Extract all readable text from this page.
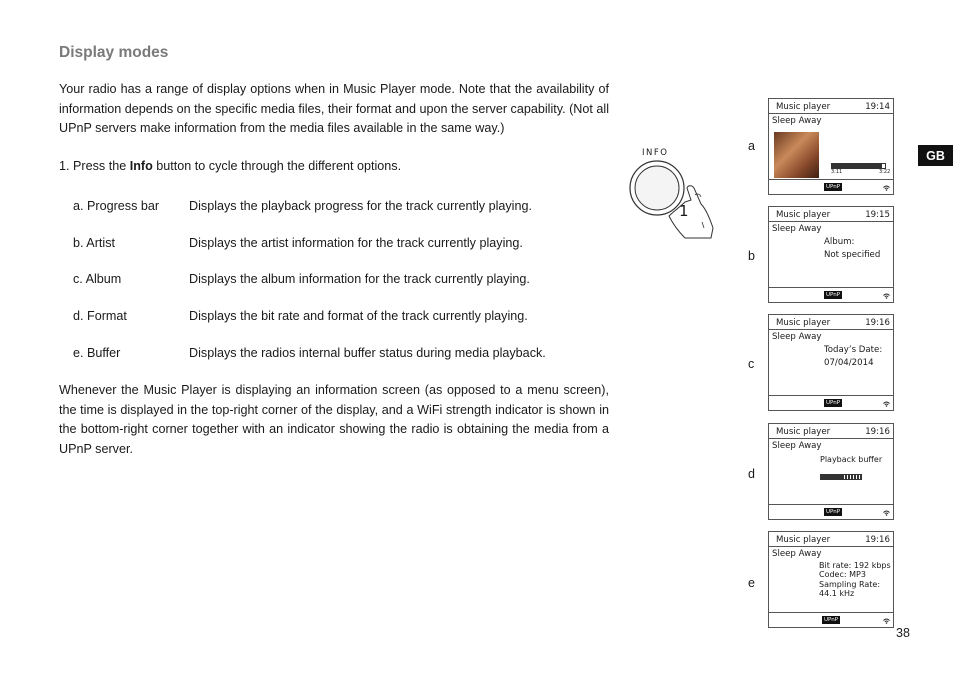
Display modes
Your radio has a range of display options when in Music Player mode. Note that the availability of information depends on the specific media files, their format and upon the server capability. (Not all UPnP servers make information from the media files available in the same way.)
1. Press the Info button to cycle through the different options.
a. Progress bar Displays the playback progress for the track currently playing.
b. Artist	Displays the artist information for the track currently playing.
c. Album	Displays the album information for the track currently playing.
d. Format	Displays the bit rate and format of the track currently playing.
e. Buffer	Displays the radios internal buffer status during media playback.
Whenever the Music Player is displaying an information screen (as opposed to a menu screen), the time is displayed in the top-right corner of the display, and a WiFi strength indicator is shown in the bottom-right corner together with an indicator showing the radio is obtaining the media from a UPnP server.
INFO
1
GB
a
b
c
d
e
Music player	19:14
Sleep Away
3:11	3:22
UPnP
Music player	19:15
Sleep Away
Album:
Not specified
UPnP
Music player	19:16
Sleep Away
Today’s Date:
07/04/2014
UPnP
Music player	19:16
Sleep Away
Playback buffer
UPnP
Music player	19:16
Sleep Away
Bit rate: 192 kbps
Codec: MP3
Sampling Rate:
44.1 kHz
UPnP
38
